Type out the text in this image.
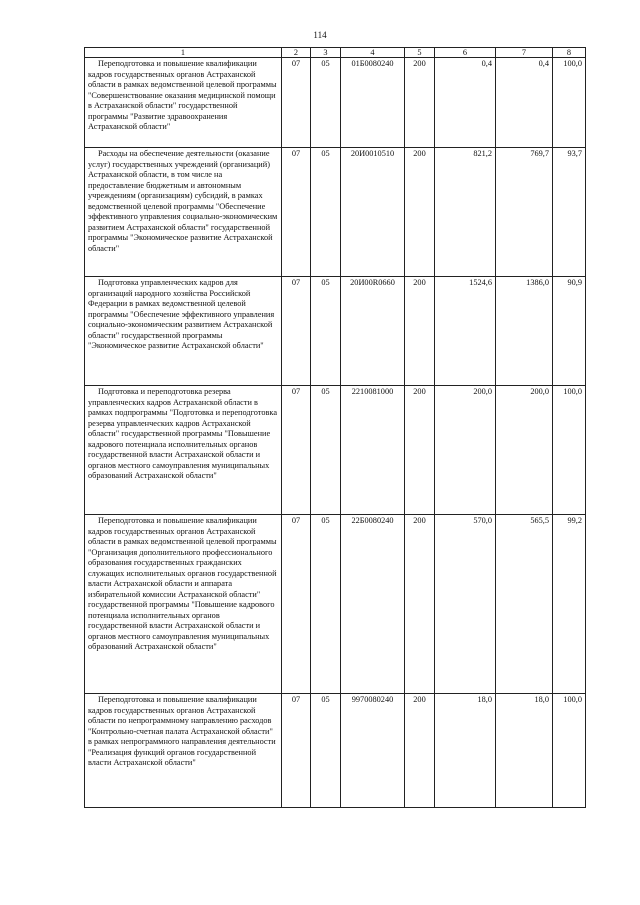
114
1	2	3	4	5	6	7	8
Переподготовка и повышение квалификации кадров государственных органов Астраханской области в рамках ведомственной целевой программы "Совершенствование оказания медицинской помощи в Астраханской области" государственной программы "Развитие здравоохранения Астраханской области"	07	05	01Б0080240	200	0,4	0,4	100,0
Расходы на обеспечение деятельности (оказание услуг) государственных учреждений (организаций) Астраханской области, в том числе на предоставление бюджетным и автономным учреждениям (организациям) субсидий, в рамках ведомственной целевой программы "Обеспечение эффективного управления социально-экономическим развитием Астраханской области" государственной программы "Экономическое развитие Астраханской области"	07	05	20И0010510	200	821,2	769,7	93,7
Подготовка управленческих кадров для организаций народного хозяйства Российской Федерации в рамках ведомственной целевой программы "Обеспечение эффективного управления социально-экономическим развитием Астраханской области" государственной программы "Экономическое развитие Астраханской области"	07	05	20И00R0660	200	1524,6	1386,0	90,9
Подготовка и переподготовка резерва управленческих кадров Астраханской области в рамках подпрограммы "Подготовка и переподготовка резерва управленческих кадров Астраханской области" государственной программы "Повышение кадрового потенциала исполнительных органов государственной власти Астраханской области и органов местного самоуправления муниципальных образований Астраханской области"	07	05	2210081000	200	200,0	200,0	100,0
Переподготовка и повышение квалификации кадров государственных органов Астраханской области в рамках ведомственной целевой программы "Организация дополнительного профессионального образования государственных гражданских служащих исполнительных органов государственной власти Астраханской области и аппарата избирательной комиссии Астраханской области" государственной программы "Повышение кадрового потенциала исполнительных органов государственной власти Астраханской области и органов местного самоуправления муниципальных образований Астраханской области"	07	05	22Б0080240	200	570,0	565,5	99,2
Переподготовка и повышение квалификации кадров государственных органов Астраханской области по непрограммному направлению расходов "Контрольно-счетная палата Астраханской области" в рамках непрограммного направления деятельности "Реализация функций органов государственной власти Астраханской области"	07	05	9970080240	200	18,0	18,0	100,0
